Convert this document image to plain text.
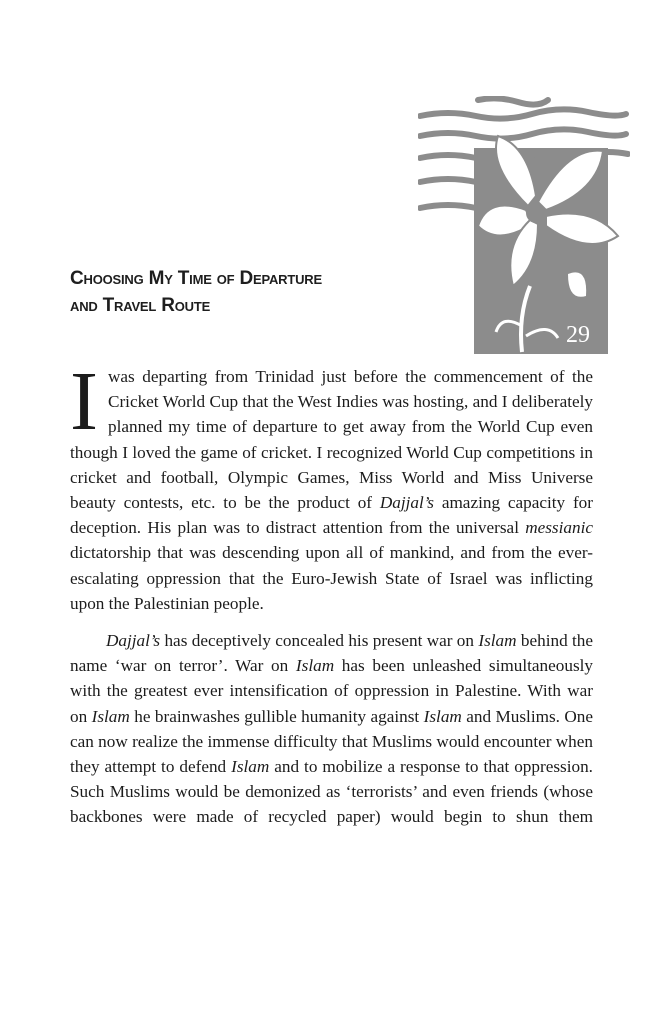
29
Choosing My Time of Departure
and Travel Route

I was departing from Trinidad just before the commencement of the Cricket World Cup that the West Indies was hosting, and I deliberately planned my time of departure to get away from the World Cup even though I loved the game of cricket. I recognized World Cup competitions in cricket and football, Olympic Games, Miss World and Miss Universe beauty contests, etc. to be the product of Dajjal’s amazing capacity for deception. His plan was to distract attention from the universal messianic dictatorship that was descending upon all of mankind, and from the ever-escalating oppression that the Euro-Jewish State of Israel was inflicting upon the Palestinian people.

Dajjal’s has deceptively concealed his present war on Islam behind the name ‘war on terror’. War on Islam has been unleashed simultaneously with the greatest ever intensification of oppression in Palestine. With war on Islam he brainwashes gullible humanity against Islam and Muslims. One can now realize the immense difficulty that Muslims would encounter when they attempt to defend Islam and to mobilize a response to that oppression. Such Muslims would be demonized as ‘terrorists’ and even friends (whose backbones were made of recycled paper) would begin to shun them
